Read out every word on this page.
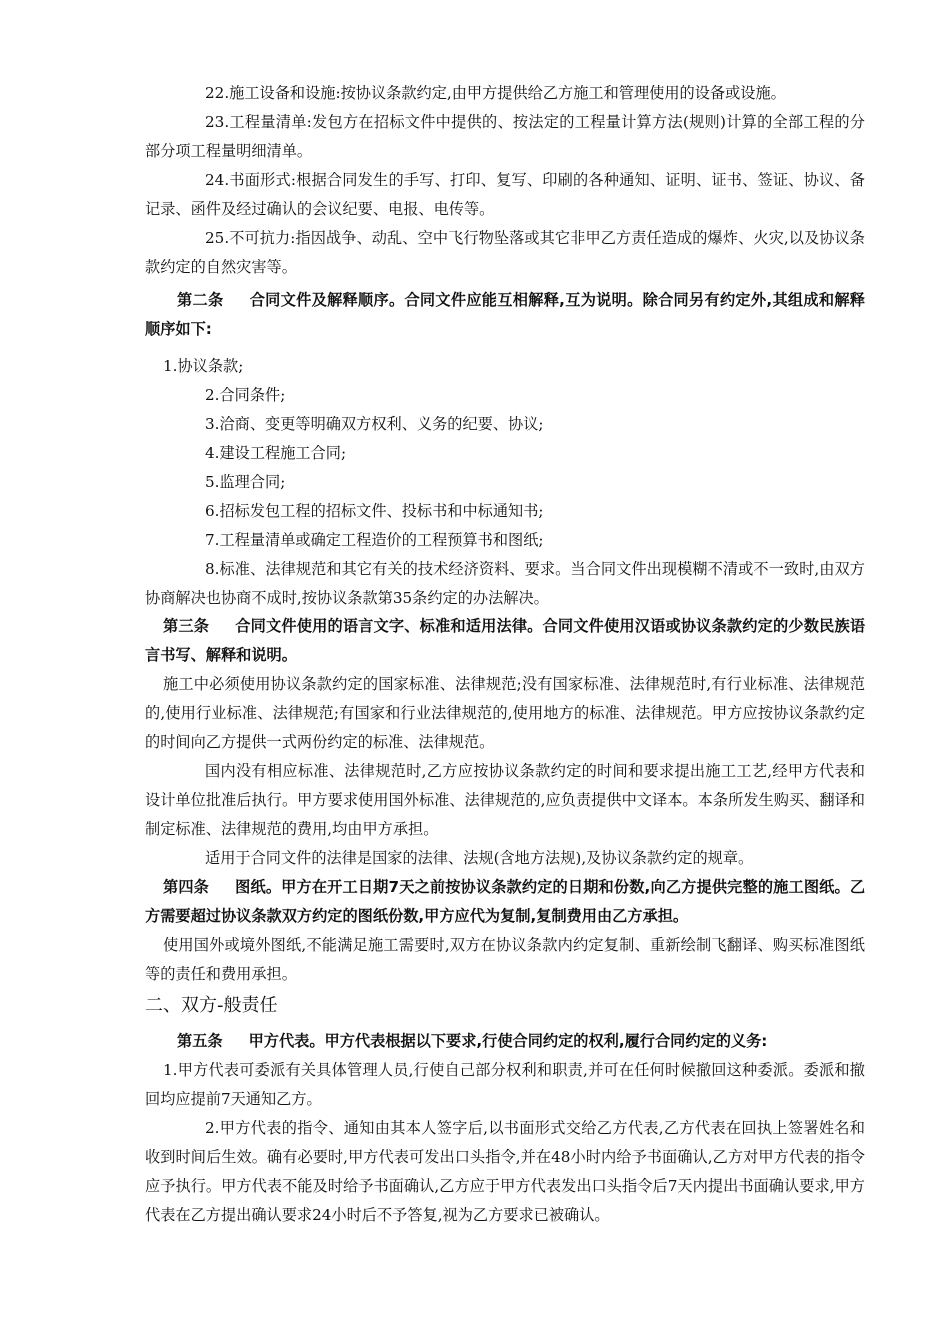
22.施工设备和设施:按协议条款约定,由甲方提供给乙方施工和管理使用的设备或设施。

23.工程量清单:发包方在招标文件中提供的、按法定的工程量计算方法(规则)计算的全部工程的分部分项工程量明细清单。

24.书面形式:根据合同发生的手写、打印、复写、印刷的各种通知、证明、证书、签证、协议、备记录、函件及经过确认的会议纪要、电报、电传等。

25.不可抗力:指因战争、动乱、空中飞行物坠落或其它非甲乙方责任造成的爆炸、火灾,以及协议条款约定的自然灾害等。

第二条 合同文件及解释顺序。合同文件应能互相解释,互为说明。除合同另有约定外,其组成和解释顺序如下:

1.协议条款;

2.合同条件;

3.洽商、变更等明确双方权利、义务的纪要、协议;

4.建设工程施工合同;

5.监理合同;

6.招标发包工程的招标文件、投标书和中标通知书;

7.工程量清单或确定工程造价的工程预算书和图纸;

8.标准、法律规范和其它有关的技术经济资料、要求。当合同文件出现模糊不清或不一致时,由双方协商解决也协商不成时,按协议条款第35条约定的办法解决。

第三条 合同文件使用的语言文字、标准和适用法律。合同文件使用汉语或协议条款约定的少数民族语言书写、解释和说明。

施工中必须使用协议条款约定的国家标准、法律规范;没有国家标准、法律规范时,有行业标准、法律规范的,使用行业标准、法律规范;有国家和行业法律规范的,使用地方的标准、法律规范。甲方应按协议条款约定的时间向乙方提供一式两份约定的标准、法律规范。

国内没有相应标准、法律规范时,乙方应按协议条款约定的时间和要求提出施工工艺,经甲方代表和设计单位批准后执行。甲方要求使用国外标准、法律规范的,应负责提供中文译本。本条所发生购买、翻译和制定标准、法律规范的费用,均由甲方承担。

适用于合同文件的法律是国家的法律、法规(含地方法规),及协议条款约定的规章。

第四条 图纸。甲方在开工日期7天之前按协议条款约定的日期和份数,向乙方提供完整的施工图纸。乙方需要超过协议条款双方约定的图纸份数,甲方应代为复制,复制费用由乙方承担。

使用国外或境外图纸,不能满足施工需要时,双方在协议条款内约定复制、重新绘制飞翻译、购买标准图纸等的责任和费用承担。

二、双方-般责任

第五条 甲方代表。甲方代表根据以下要求,行使合同约定的权利,履行合同约定的义务:

1.甲方代表可委派有关具体管理人员,行使自己部分权利和职责,并可在任何时候撤回这种委派。委派和撤回均应提前7天通知乙方。

2.甲方代表的指令、通知由其本人签字后,以书面形式交给乙方代表,乙方代表在回执上签署姓名和收到时间后生效。确有必要时,甲方代表可发出口头指令,并在48小时内给予书面确认,乙方对甲方代表的指令应予执行。甲方代表不能及时给予书面确认,乙方应于甲方代表发出口头指令后7天内提出书面确认要求,甲方代表在乙方提出确认要求24小时后不予答复,视为乙方要求已被确认。
